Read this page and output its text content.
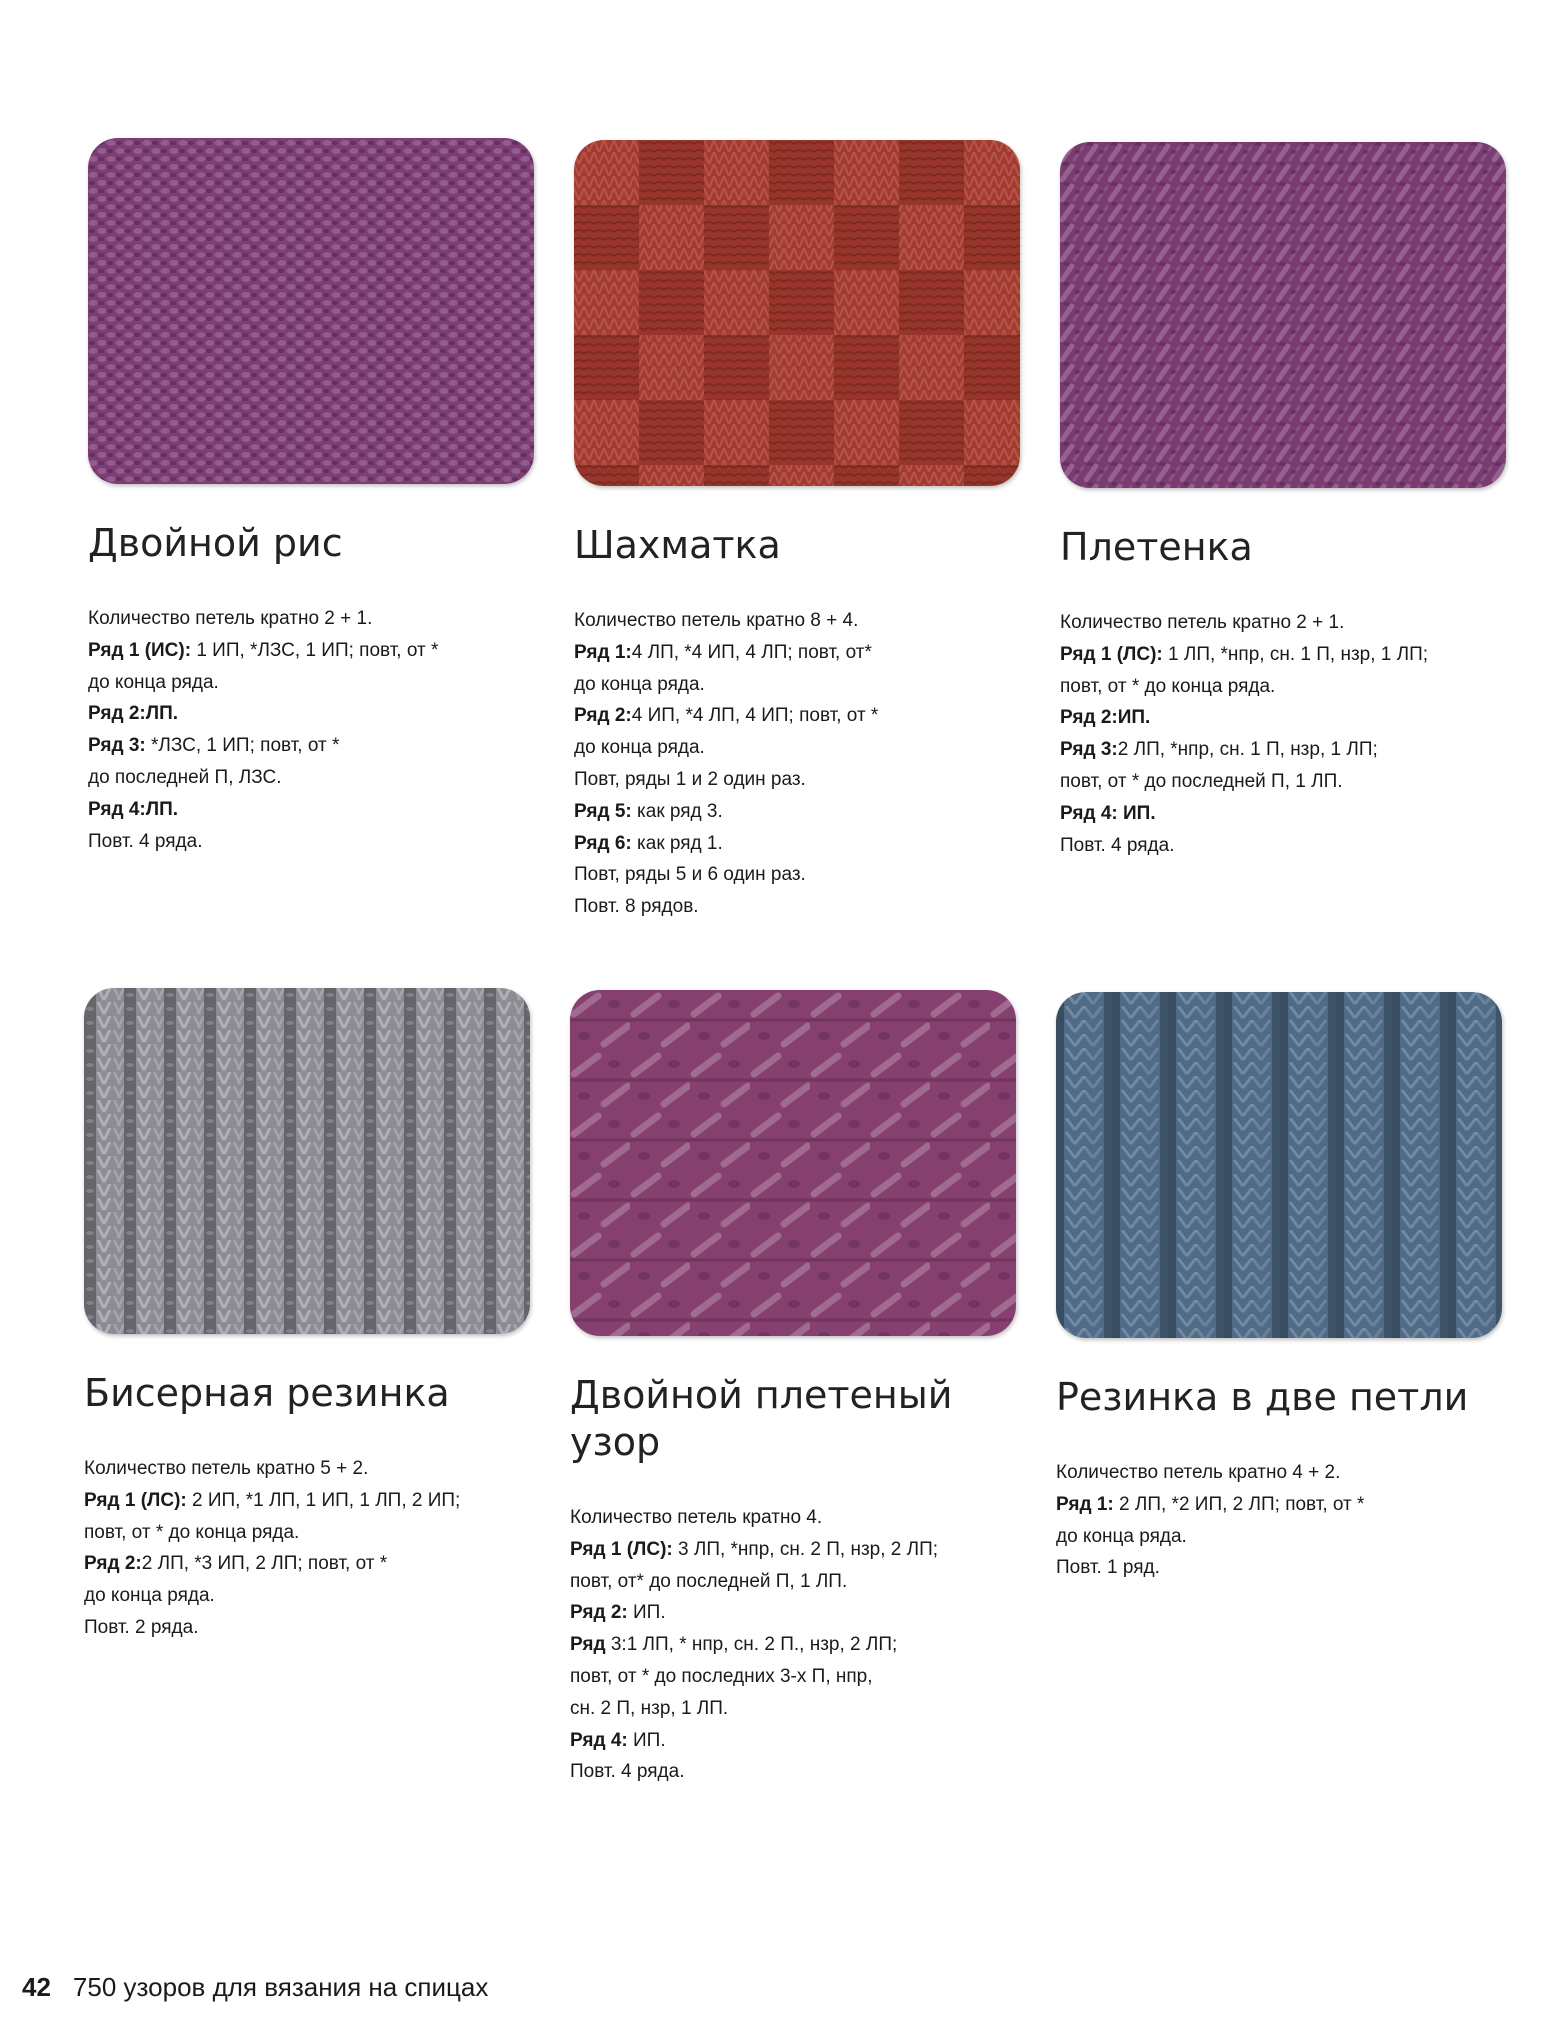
Двойной рис
Количество петель кратно 2 + 1.
Ряд 1 (ИС): 1 ИП, *ЛЗС, 1 ИП; повт, от *
до конца ряда.
Ряд 2:ЛП.
Ряд 3: *ЛЗС, 1 ИП; повт, от *
до последней П, ЛЗС.
Ряд 4:ЛП.
Повт. 4 ряда.
Шахматка
Количество петель кратно 8 + 4.
Ряд 1:4 ЛП, *4 ИП, 4 ЛП; повт, от*
до конца ряда.
Ряд 2:4 ИП, *4 ЛП, 4 ИП; повт, от *
до конца ряда.
Повт, ряды 1 и 2 один раз.
Ряд 5: как ряд 3.
Ряд 6: как ряд 1.
Повт, ряды 5 и 6 один раз.
Повт. 8 рядов.
Плетенка
Количество петель кратно 2 + 1.
Ряд 1 (ЛС): 1 ЛП, *нпр, сн. 1 П, нзр, 1 ЛП;
повт, от * до конца ряда.
Ряд 2:ИП.
Ряд 3:2 ЛП, *нпр, сн. 1 П, нзр, 1 ЛП;
повт, от * до последней П, 1 ЛП.
Ряд 4: ИП.
Повт. 4 ряда.
Бисерная резинка
Количество петель кратно 5 + 2.
Ряд 1 (ЛС): 2 ИП, *1 ЛП, 1 ИП, 1 ЛП, 2 ИП;
повт, от * до конца ряда.
Ряд 2:2 ЛП, *3 ИП, 2 ЛП; повт, от *
до конца ряда.
Повт. 2 ряда.
Двойной плетеный узор
Количество петель кратно 4.
Ряд 1 (ЛС): 3 ЛП, *нпр, сн. 2 П, нзр, 2 ЛП;
повт, от* до последней П, 1 ЛП.
Ряд 2: ИП.
Ряд 3:1 ЛП, * нпр, сн. 2 П., нзр, 2 ЛП;
повт, от * до последних 3-х П, нпр,
сн. 2 П, нзр, 1 ЛП.
Ряд 4: ИП.
Повт. 4 ряда.
Резинка в две петли
Количество петель кратно 4 + 2.
Ряд 1: 2 ЛП, *2 ИП, 2 ЛП; повт, от *
до конца ряда.
Повт. 1 ряд.
42 750 узоров для вязания на спицах
